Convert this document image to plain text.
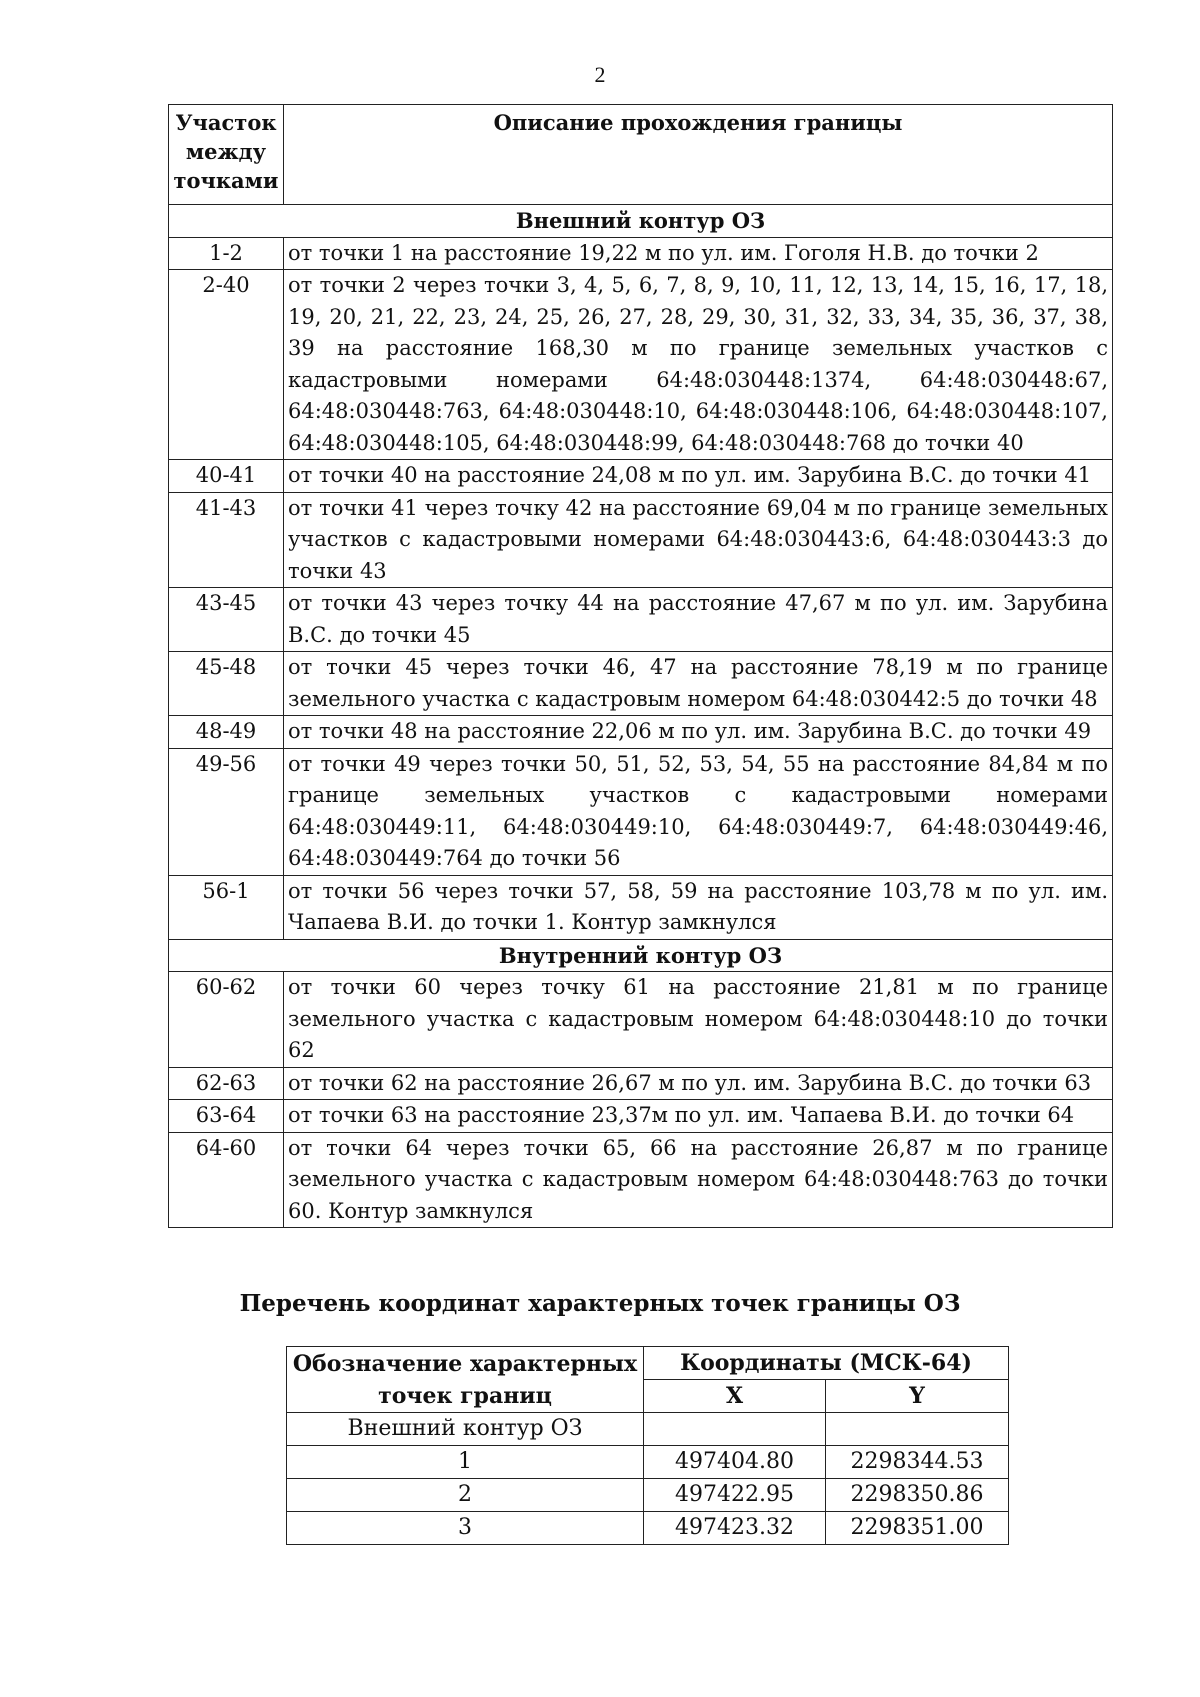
2
Участок между точками	Описание прохождения границы
Внешний контур ОЗ	
1-2	от точки 1 на расстояние 19,22 м по ул. им. Гоголя Н.В. до точки 2
2-40	от точки 2 через точки 3, 4, 5, 6, 7, 8, 9, 10, 11, 12, 13, 14, 15, 16, 17, 18, 19, 20, 21, 22, 23, 24, 25, 26, 27, 28, 29, 30, 31, 32, 33, 34, 35, 36, 37, 38, 39 на расстояние 168,30 м по границе земельных участков с кадастровыми номерами 64:48:030448:1374, 64:48:030448:67, 64:48:030448:763, 64:48:030448:10, 64:48:030448:106, 64:48:030448:107, 64:48:030448:105, 64:48:030448:99, 64:48:030448:768 до точки 40
40-41	от точки 40 на расстояние 24,08 м по ул. им. Зарубина В.С. до точки 41
41-43	от точки 41 через точку 42 на расстояние 69,04 м по границе земельных участков с кадастровыми номерами 64:48:030443:6, 64:48:030443:3 до точки 43
43-45	от точки 43 через точку 44 на расстояние 47,67 м по ул. им. Зарубина В.С. до точки 45
45-48	от точки 45 через точки 46, 47 на расстояние 78,19 м по границе земельного участка с кадастровым номером 64:48:030442:5 до точки 48
48-49	от точки 48 на расстояние 22,06 м по ул. им. Зарубина В.С. до точки 49
49-56	от точки 49 через точки 50, 51, 52, 53, 54, 55 на расстояние 84,84 м по границе земельных участков с кадастровыми номерами 64:48:030449:11, 64:48:030449:10, 64:48:030449:7, 64:48:030449:46, 64:48:030449:764 до точки 56
56-1	от точки 56 через точки 57, 58, 59 на расстояние 103,78 м по ул. им. Чапаева В.И. до точки 1. Контур замкнулся
Внутренний контур ОЗ	
60-62	от точки 60 через точку 61 на расстояние 21,81 м по границе земельного участка с кадастровым номером 64:48:030448:10 до точки 62
62-63	от точки 62 на расстояние 26,67 м по ул. им. Зарубина В.С. до точки 63
63-64	от точки 63 на расстояние 23,37м по ул. им. Чапаева В.И. до точки 64
64-60	от точки 64 через точки 65, 66 на расстояние 26,87 м по границе земельного участка с кадастровым номером 64:48:030448:763 до точки 60. Контур замкнулся
Перечень координат характерных точек границы ОЗ
Обозначение характерных точек границ	Координаты (МСК-64)	
	X	Y
Внешний контур ОЗ		
1	497404.80	2298344.53
2	497422.95	2298350.86
3	497423.32	2298351.00
